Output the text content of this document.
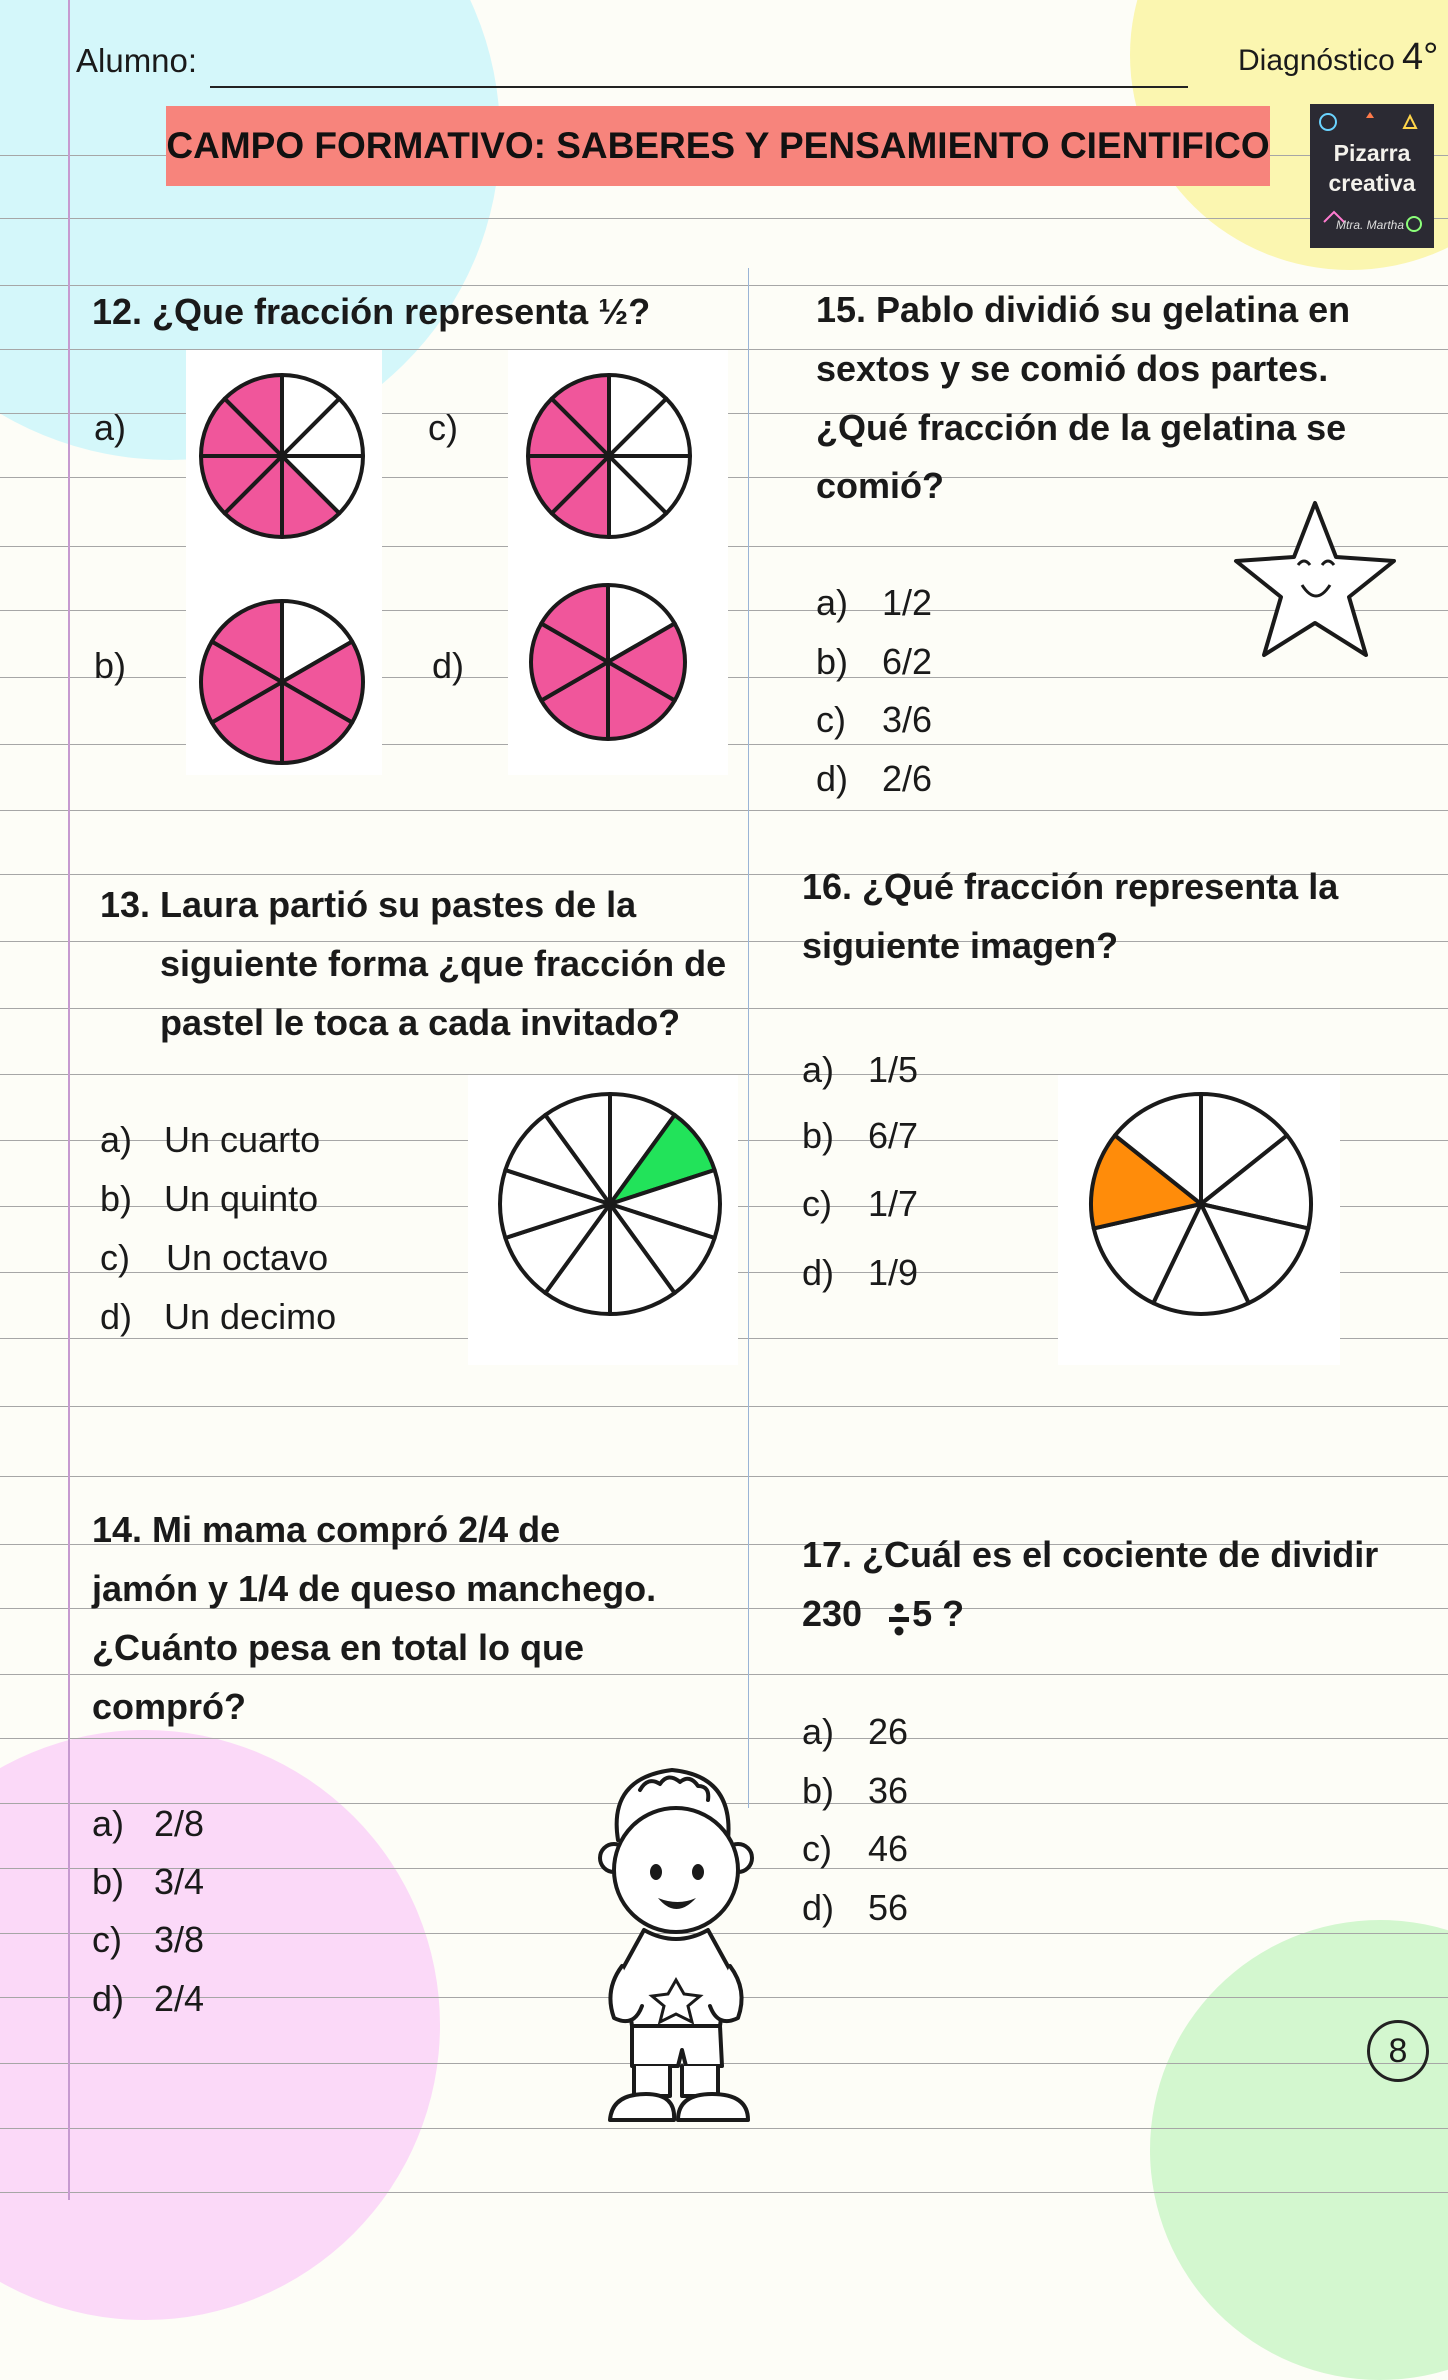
Alumno:	Diagnóstico 4°
CAMPO FORMATIVO: SABERES Y PENSAMIENTO CIENTIFICO	Pizarra
creativa
Mtra. Martha
12. ¿Que fracción representa ½?
a)	c)
b)	d)
13. Laura partió su pastes de la
siguiente forma ¿que fracción de
pastel le toca a cada invitado?
a) Un cuarto
b) Un quinto
c) Un octavo
d) Un decimo
14. Mi mama compró 2/4 de
jamón y 1/4 de queso manchego.
¿Cuánto pesa en total lo que
compró?
a) 2/8
b) 3/4
c) 3/8
d) 2/4
15. Pablo dividió su gelatina en
sextos y se comió dos partes.
¿Qué fracción de la gelatina se
comió?
a) 1/2
b) 6/2
c) 3/6
d) 2/6
16. ¿Qué fracción representa la
siguiente imagen?
a) 1/5
b) 6/7
c) 1/7
d) 1/9
17. ¿Cuál es el cociente de dividir
230 5 ?
a) 26
b) 36
c) 46
d) 56
8
